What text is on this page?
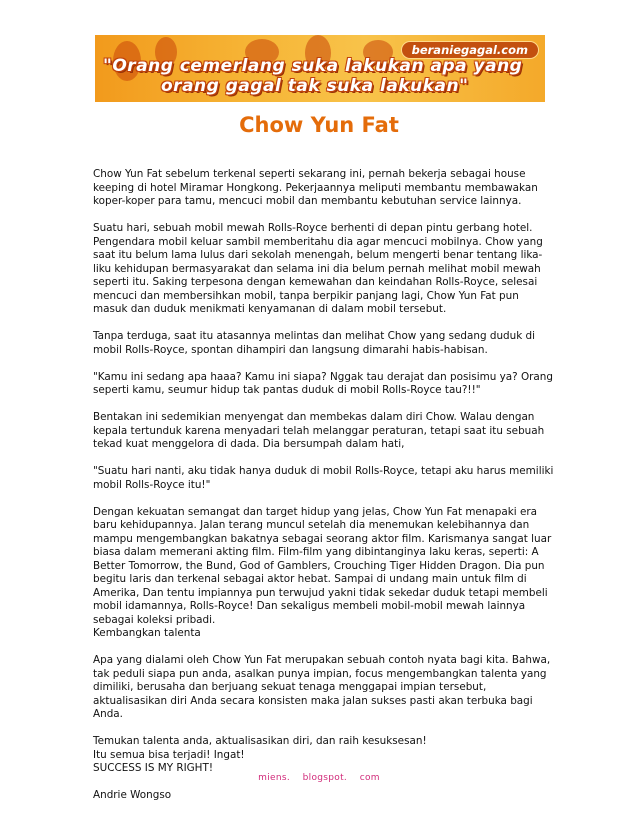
beraniegagal.com
"Orang cemerlang suka lakukan apa yang
orang gagal tak suka lakukan"
Chow Yun Fat

Chow Yun Fat sebelum terkenal seperti sekarang ini, pernah bekerja sebagai house keeping di hotel Miramar Hongkong. Pekerjaannya meliputi membantu membawakan koper-koper para tamu, mencuci mobil dan membantu kebutuhan service lainnya.

Suatu hari, sebuah mobil mewah Rolls-Royce berhenti di depan pintu gerbang hotel. Pengendara mobil keluar sambil memberitahu dia agar mencuci mobilnya. Chow yang saat itu belum lama lulus dari sekolah menengah, belum mengerti benar tentang lika-liku kehidupan bermasyarakat dan selama ini dia belum pernah melihat mobil mewah seperti itu. Saking terpesona dengan kemewahan dan keindahan Rolls-Royce, selesai mencuci dan membersihkan mobil, tanpa berpikir panjang lagi, Chow Yun Fat pun masuk dan duduk menikmati kenyamanan di dalam mobil tersebut.

Tanpa terduga, saat itu atasannya melintas dan melihat Chow yang sedang duduk di mobil Rolls-Royce, spontan dihampiri dan langsung dimarahi habis-habisan.

"Kamu ini sedang apa haaa? Kamu ini siapa? Nggak tau derajat dan posisimu ya? Orang seperti kamu, seumur hidup tak pantas duduk di mobil Rolls-Royce tau?!!"

Bentakan ini sedemikian menyengat dan membekas dalam diri Chow. Walau dengan kepala tertunduk karena menyadari telah melanggar peraturan, tetapi saat itu sebuah tekad kuat menggelora di dada. Dia bersumpah dalam hati,

"Suatu hari nanti, aku tidak hanya duduk di mobil Rolls-Royce, tetapi aku harus memiliki mobil Rolls-Royce itu!"

Dengan kekuatan semangat dan target hidup yang jelas, Chow Yun Fat menapaki era baru kehidupannya. Jalan terang muncul setelah dia menemukan kelebihannya dan mampu mengembangkan bakatnya sebagai seorang aktor film. Karismanya sangat luar biasa dalam memerani akting film. Film-film yang dibintanginya laku keras, seperti: A Better Tomorrow, the Bund, God of Gamblers, Crouching Tiger Hidden Dragon. Dia pun begitu laris dan terkenal sebagai aktor hebat. Sampai di undang main untuk film di Amerika, Dan tentu impiannya pun terwujud yakni tidak sekedar duduk tetapi membeli mobil idamannya, Rolls-Royce! Dan sekaligus membeli mobil-mobil mewah lainnya sebagai koleksi pribadi.
Kembangkan talenta

Apa yang dialami oleh Chow Yun Fat merupakan sebuah contoh nyata bagi kita. Bahwa, tak peduli siapa pun anda, asalkan punya impian, focus mengembangkan talenta yang dimiliki, berusaha dan berjuang sekuat tenaga menggapai impian tersebut, aktualisasikan diri Anda secara konsisten maka jalan sukses pasti akan terbuka bagi Anda.

Temukan talenta anda, aktualisasikan diri, dan raih kesuksesan!
Itu semua bisa terjadi! Ingat!
SUCCESS IS MY RIGHT!

Andrie Wongso

miens.    blogspot.    com
